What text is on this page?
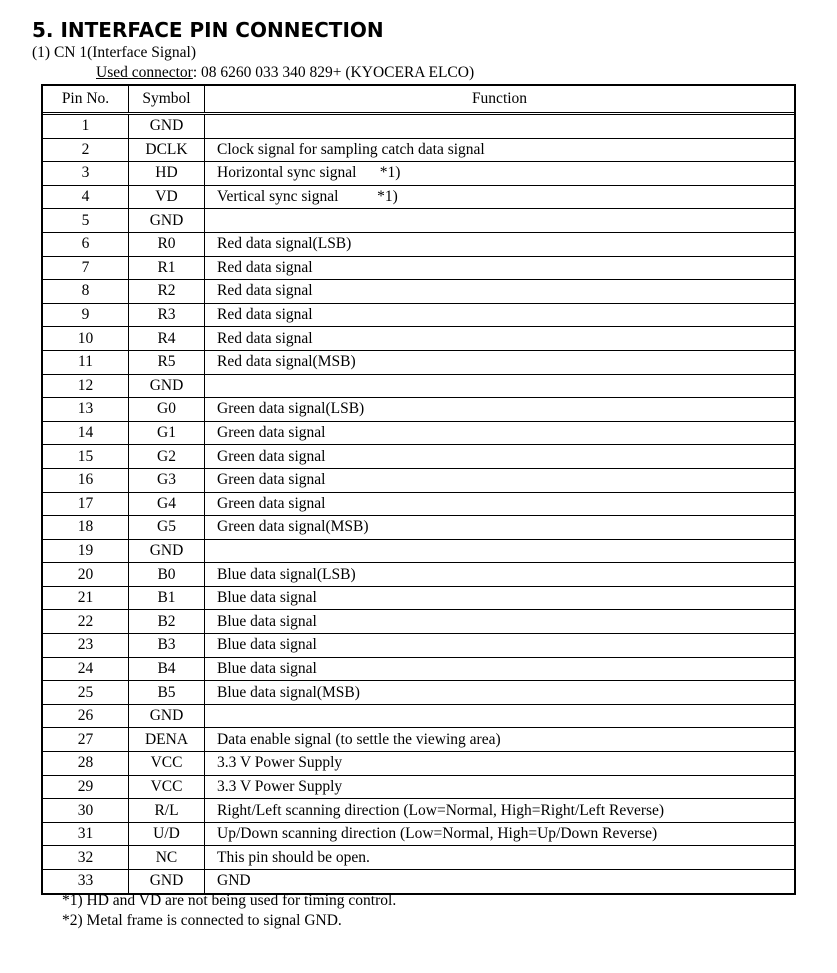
5. INTERFACE PIN CONNECTION
(1) CN 1(Interface Signal)
Used connector: 08 6260 033 340 829+ (KYOCERA ELCO)
Pin No.	Symbol	Function
1	GND	
2	DCLK	Clock signal for sampling catch data signal
3	HD	Horizontal sync signal      *1)
4	VD	Vertical sync signal          *1)
5	GND	
6	R0	Red data signal(LSB)
7	R1	Red data signal
8	R2	Red data signal
9	R3	Red data signal
10	R4	Red data signal
11	R5	Red data signal(MSB)
12	GND	
13	G0	Green data signal(LSB)
14	G1	Green data signal
15	G2	Green data signal
16	G3	Green data signal
17	G4	Green data signal
18	G5	Green data signal(MSB)
19	GND	
20	B0	Blue data signal(LSB)
21	B1	Blue data signal
22	B2	Blue data signal
23	B3	Blue data signal
24	B4	Blue data signal
25	B5	Blue data signal(MSB)
26	GND	
27	DENA	Data enable signal (to settle the viewing area)
28	VCC	3.3 V Power Supply
29	VCC	3.3 V Power Supply
30	R/L	Right/Left scanning direction (Low=Normal, High=Right/Left Reverse)
31	U/D	Up/Down scanning direction (Low=Normal, High=Up/Down Reverse)
32	NC	This pin should be open.
33	GND	GND
*1) HD and VD are not being used for timing control.
*2) Metal frame is connected to signal GND.
